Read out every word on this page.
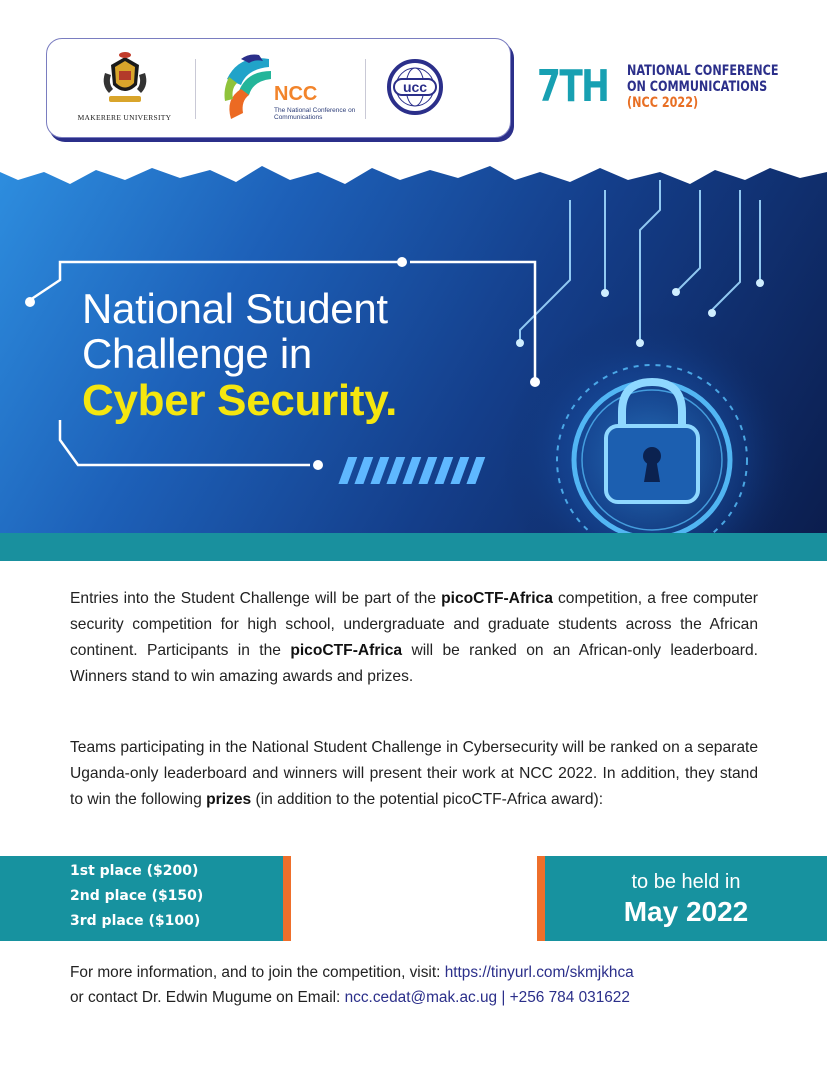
MAKERERE UNIVERSITY
NCC
The National Conference on Communications
ucc 7TH NATIONAL CONFERENCE
ON COMMUNICATIONS
(NCC 2022)
National Student
Challenge in
Cyber Security.

Entries into the Student Challenge will be part of the picoCTF-Africa competition, a free computer security competition for high school, undergraduate and graduate students across the African continent. Participants in the picoCTF-Africa will be ranked on an African-only leaderboard. Winners stand to win amazing awards and prizes.

Teams participating in the National Student Challenge in Cybersecurity will be ranked on a separate Uganda-only leaderboard and winners will present their work at NCC 2022. In addition, they stand to win the following prizes (in addition to the potential picoCTF-Africa award):

1st place ($200)
2nd place ($150)
3rd place ($100)
to be held in
May 2022
For more information, and to join the competition, visit: https://tinyurl.com/skmjkhca
or contact Dr. Edwin Mugume on Email: ncc.cedat@mak.ac.ug | +256 784 031622
